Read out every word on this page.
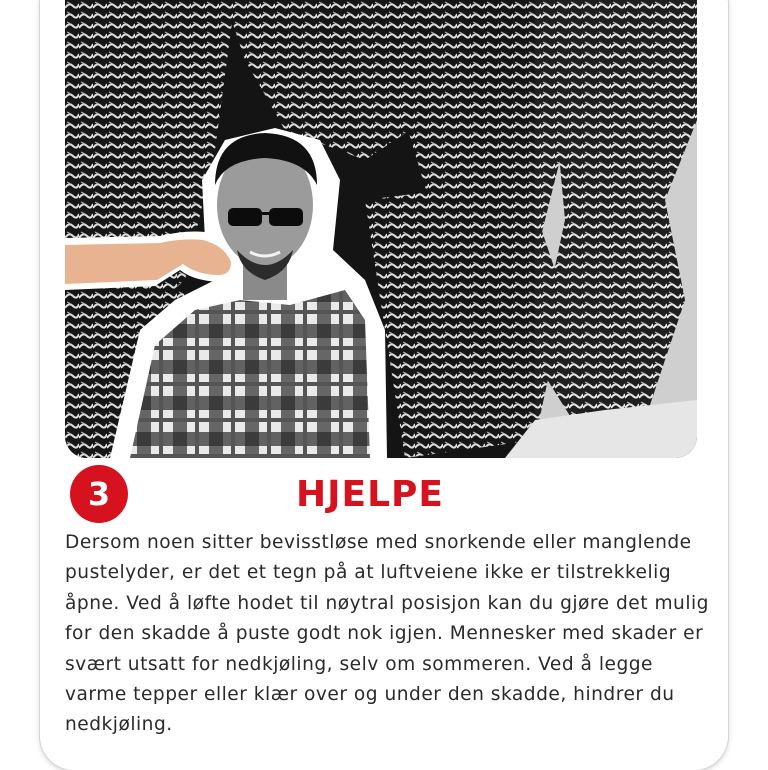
3	HJELPE
Dersom noen sitter bevisstløse med snorkende eller manglende
pustelyder, er det et tegn på at luftveiene ikke er tilstrekkelig
åpne. Ved å løfte hodet til nøytral posisjon kan du gjøre det mulig
for den skadde å puste godt nok igjen. Mennesker med skader er
svært utsatt for nedkjøling, selv om sommeren. Ved å legge
varme tepper eller klær over og under den skadde, hindrer du
nedkjøling.
